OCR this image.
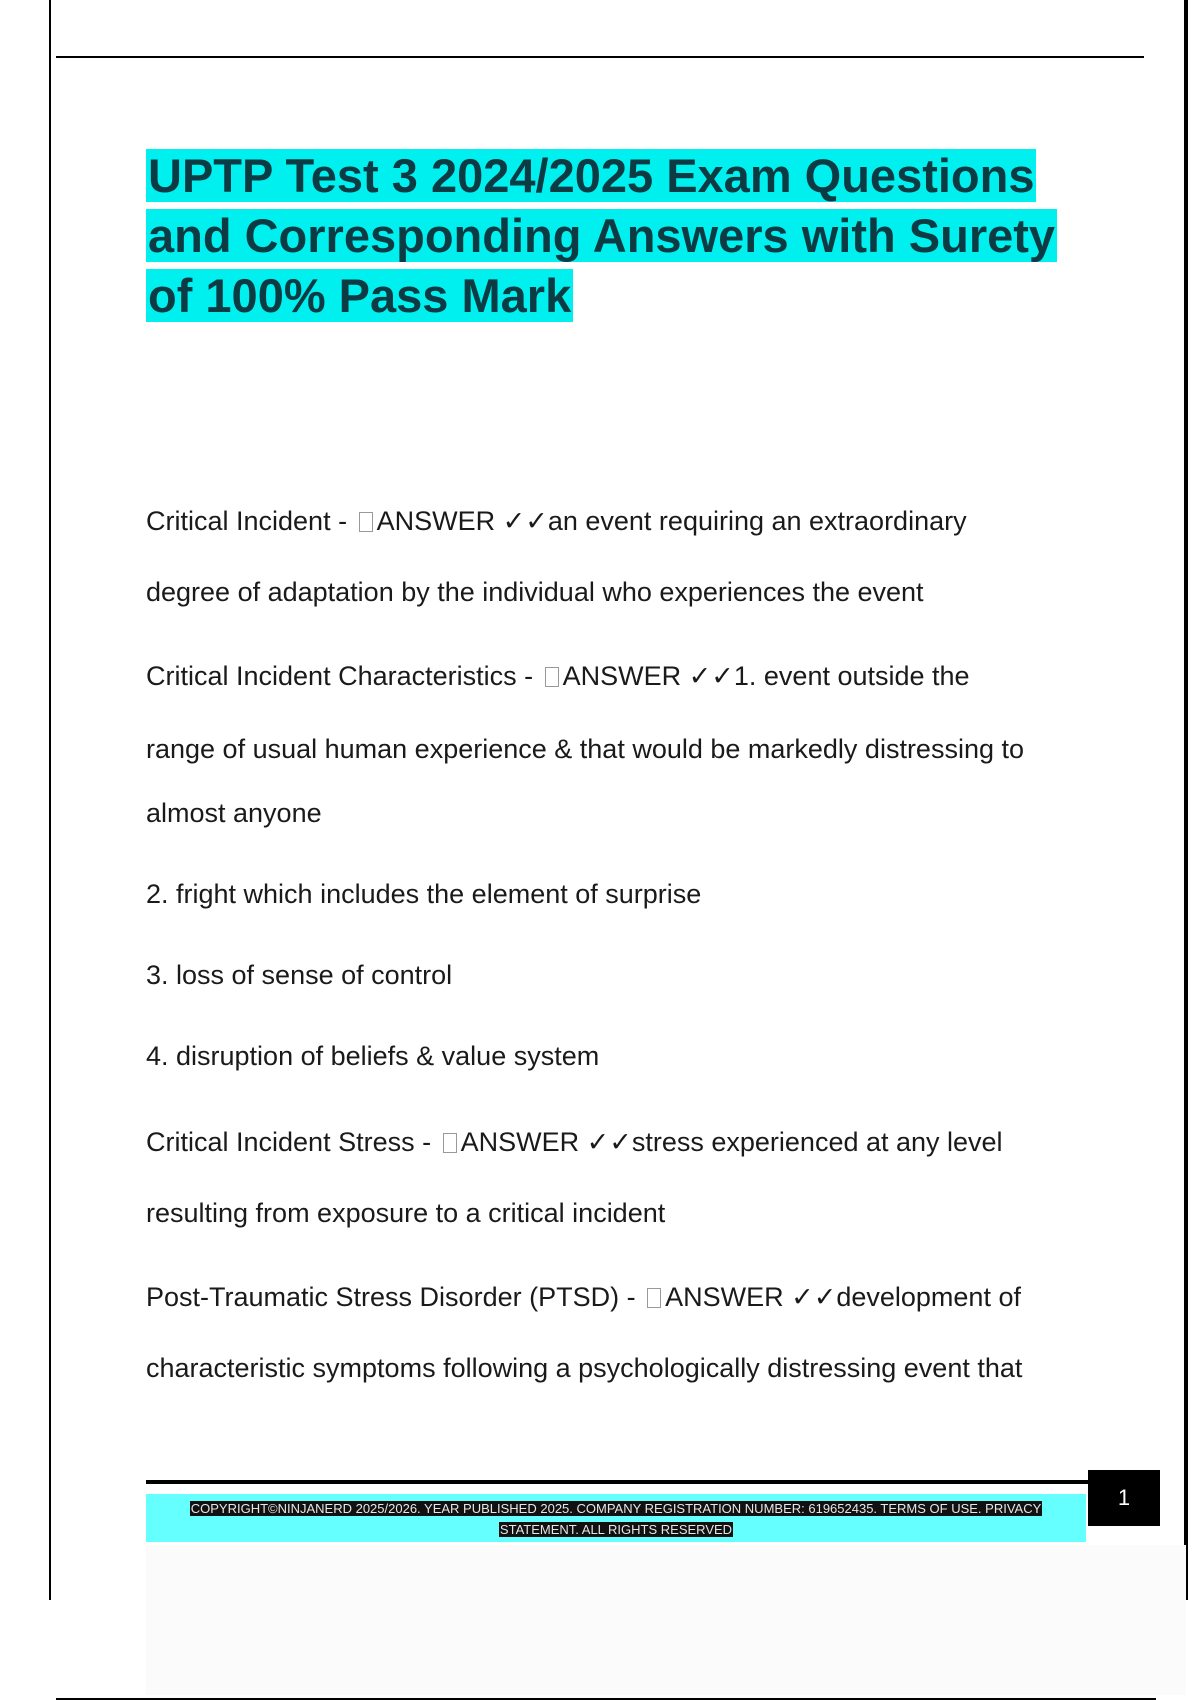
UPTP Test 3 2024/2025 Exam Questions
and Corresponding Answers with Surety
of 100% Pass Mark
Critical Incident - ANSWER ✓✓an event requiring an extraordinary
degree of adaptation by the individual who experiences the event
Critical Incident Characteristics - ANSWER ✓✓1. event outside the
range of usual human experience & that would be markedly distressing to
almost anyone
2. fright which includes the element of surprise
3. loss of sense of control
4. disruption of beliefs & value system
Critical Incident Stress - ANSWER ✓✓stress experienced at any level
resulting from exposure to a critical incident
Post-Traumatic Stress Disorder (PTSD) - ANSWER ✓✓development of
characteristic symptoms following a psychologically distressing event that
COPYRIGHT©NINJANERD 2025/2026. YEAR PUBLISHED 2025. COMPANY REGISTRATION NUMBER: 619652435. TERMS OF USE. PRIVACY
STATEMENT. ALL RIGHTS RESERVED
1
